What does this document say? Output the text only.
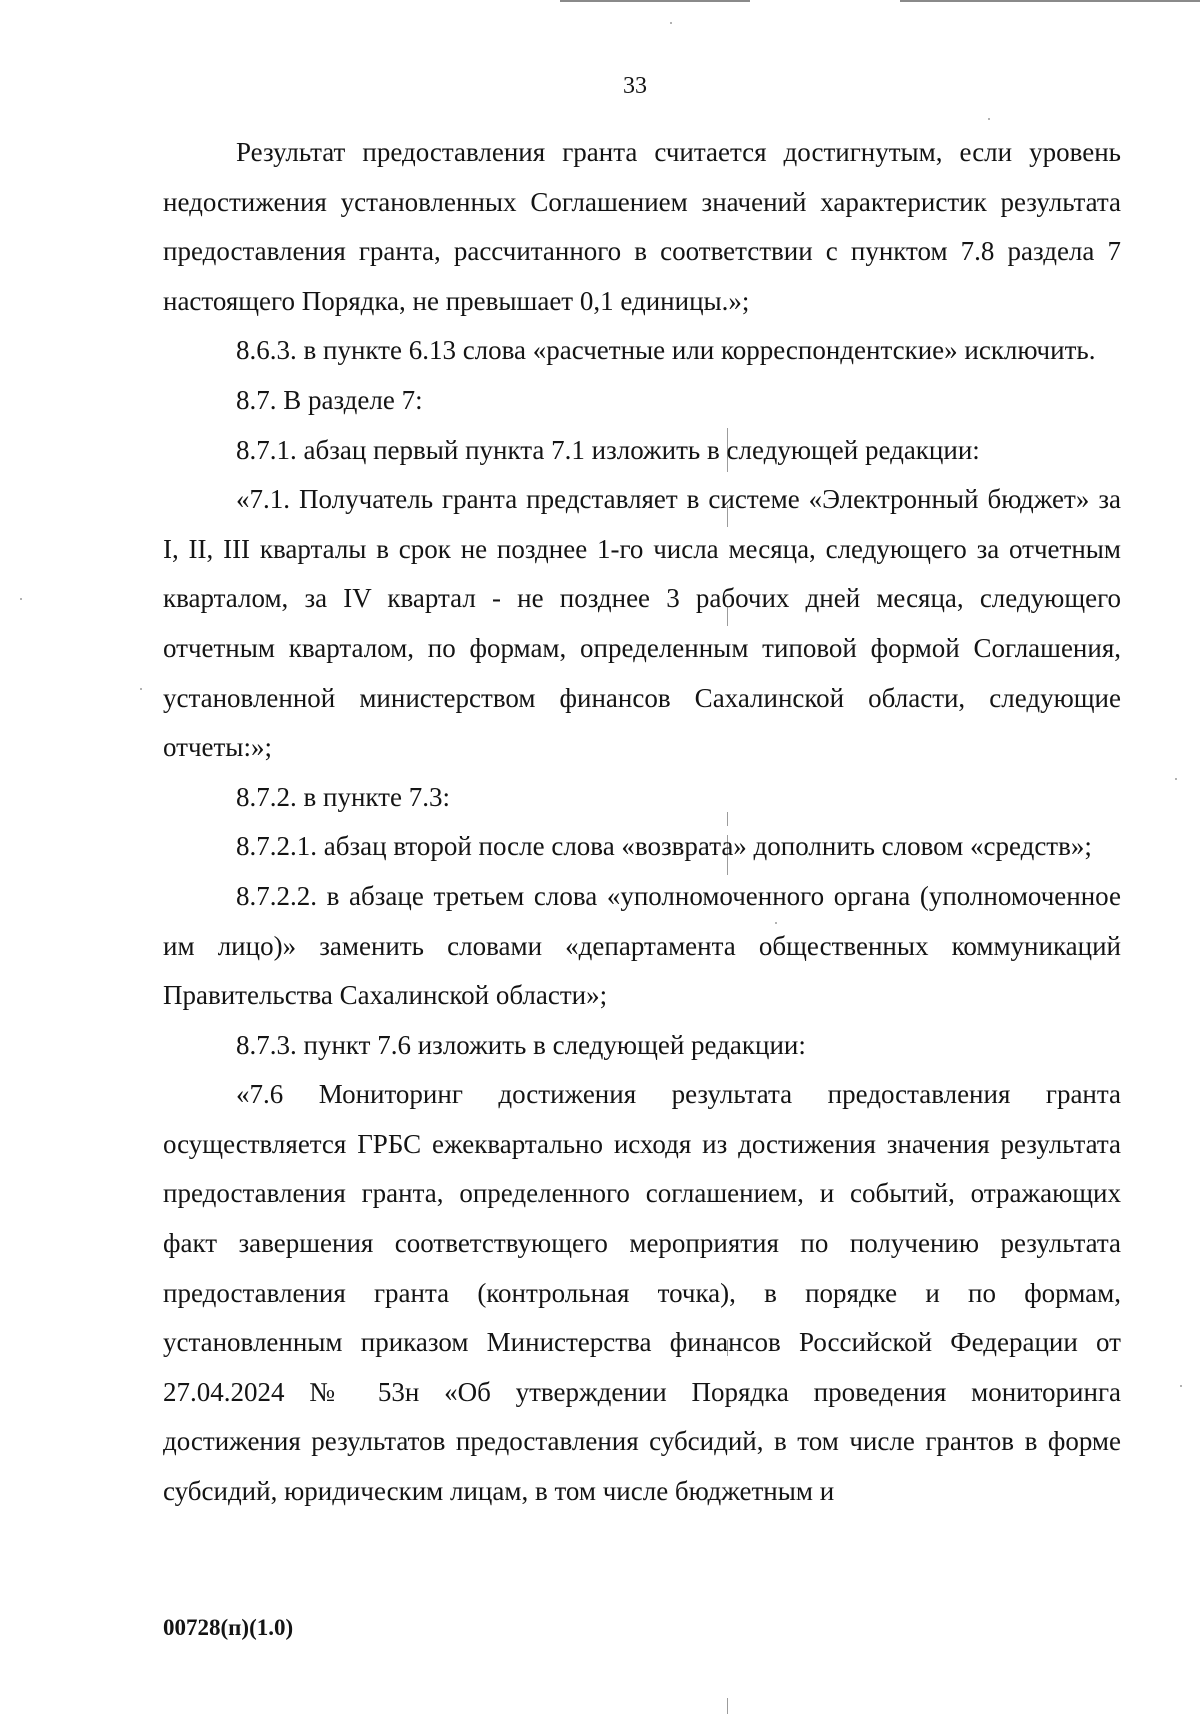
33

Результат предоставления гранта считается достигнутым, если уровень недостижения установленных Соглашением значений характеристик результата предоставления гранта, рассчитанного в соответствии с пунктом 7.8 раздела 7 настоящего Порядка, не превышает 0,1 единицы.»;

8.6.3. в пункте 6.13 слова «расчетные или корреспондентские» исключить.

8.7. В разделе 7:

8.7.1. абзац первый пункта 7.1 изложить в следующей редакции:

«7.1. Получатель гранта представляет в системе «Электронный бюджет» за I, II, III кварталы в срок не позднее 1-го числа месяца, следующего за отчетным кварталом, за IV квартал - не позднее 3 рабочих дней месяца, следующего отчетным кварталом, по формам, определенным типовой формой Соглашения, установленной министерством финансов Сахалинской области, следующие отчеты:»;

8.7.2. в пункте 7.3:

8.7.2.1. абзац второй после слова «возврата» дополнить словом «средств»;

8.7.2.2. в абзаце третьем слова «уполномоченного органа (уполномоченное им лицо)» заменить словами «департамента общественных коммуникаций Правительства Сахалинской области»;

8.7.3. пункт 7.6 изложить в следующей редакции:

«7.6 Мониторинг достижения результата предоставления гранта осуществляется ГРБС ежеквартально исходя из достижения значения результата предоставления гранта, определенного соглашением, и событий, отражающих факт завершения соответствующего мероприятия по получению результата предоставления гранта (контрольная точка), в порядке и по формам, установленным приказом Министерства финансов Российской Федерации от 27.04.2024 № 53н «Об утверждении Порядка проведения мониторинга достижения результатов предоставления субсидий, в том числе грантов в форме субсидий, юридическим лицам, в том числе бюджетным и

00728(п)(1.0)
